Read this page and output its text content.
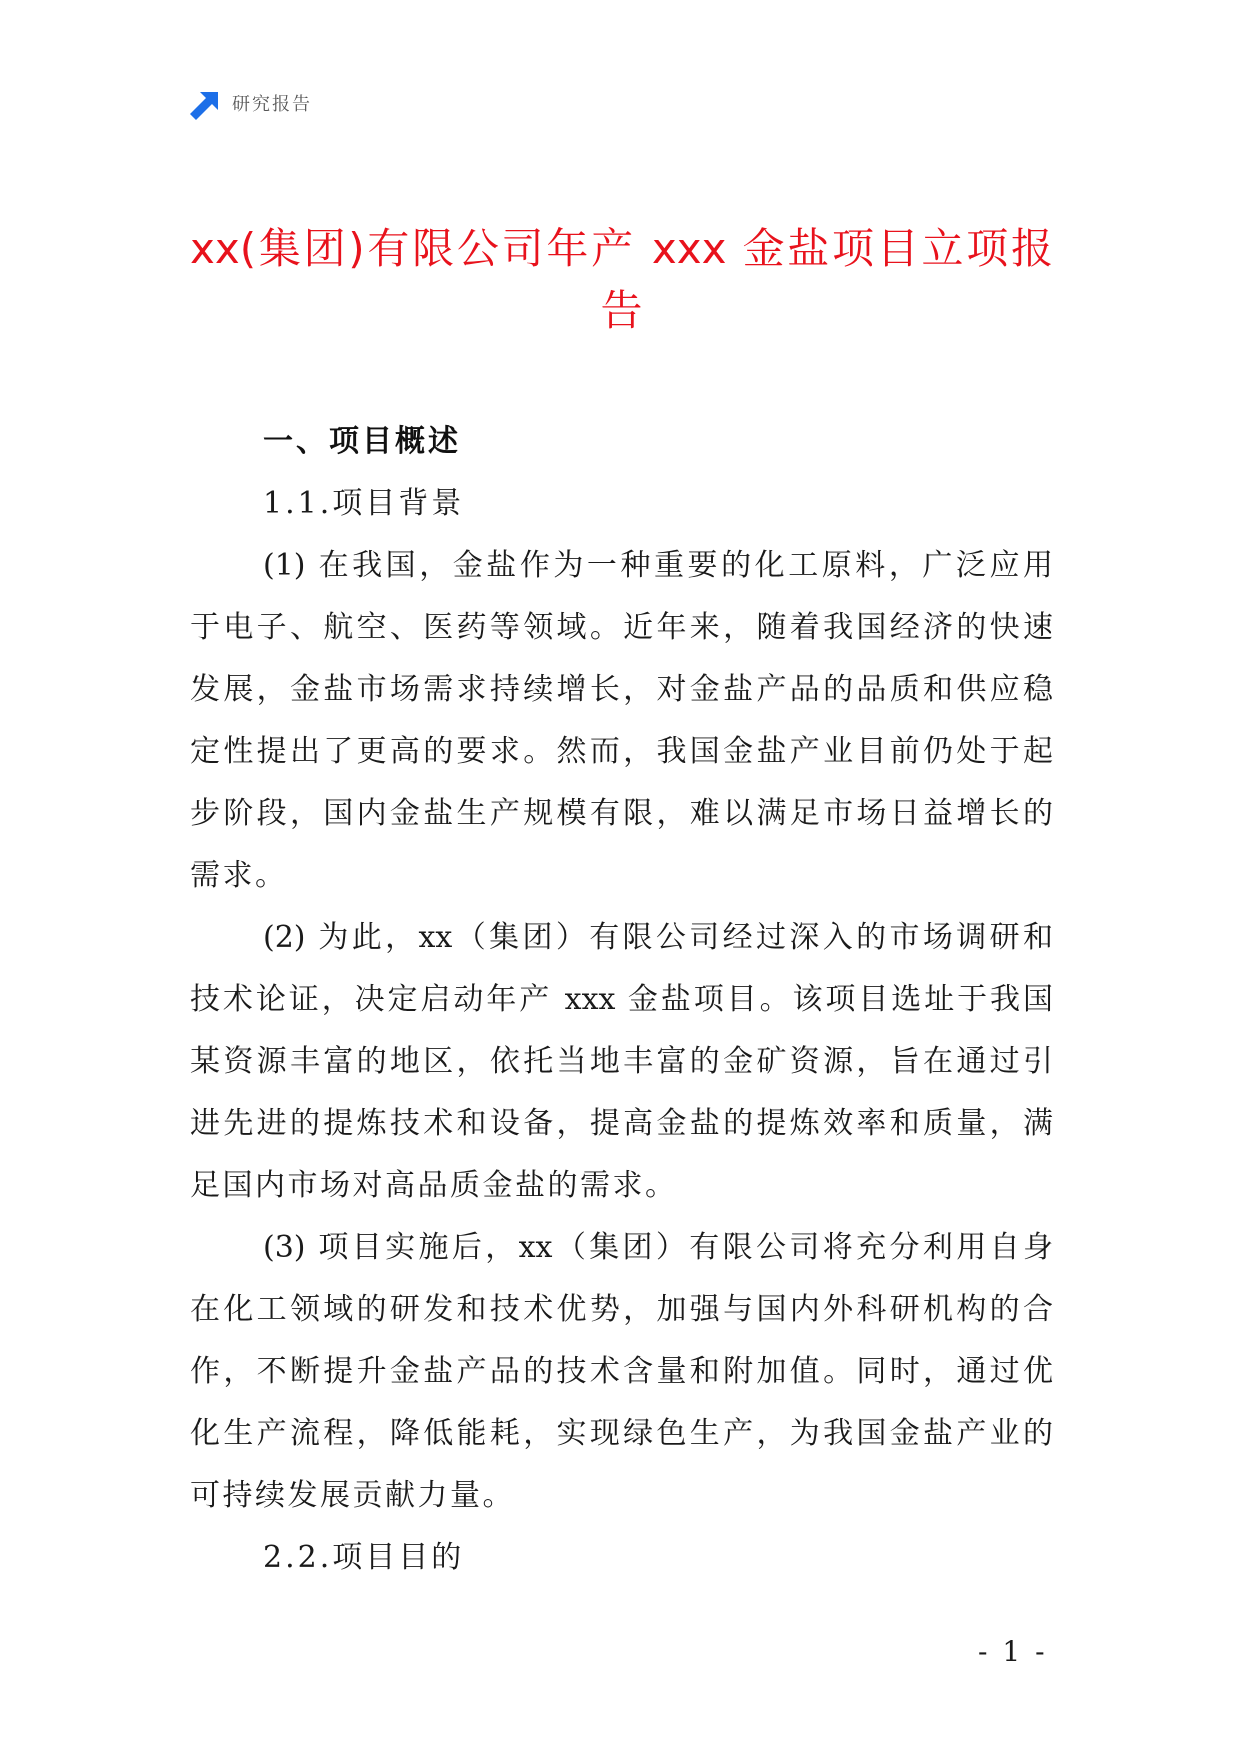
研究报告
xx(集团)有限公司年产 xxx 金盐项目立项报
告
一、项目概述
1.1.项目背景
(1) 在我国，金盐作为一种重要的化工原料，广泛应用
于电子、航空、医药等领域。近年来，随着我国经济的快速
发展，金盐市场需求持续增长，对金盐产品的品质和供应稳
定性提出了更高的要求。然而，我国金盐产业目前仍处于起
步阶段，国内金盐生产规模有限，难以满足市场日益增长的
需求。
(2) 为此，xx（集团）有限公司经过深入的市场调研和
技术论证，决定启动年产 xxx 金盐项目。该项目选址于我国
某资源丰富的地区，依托当地丰富的金矿资源，旨在通过引
进先进的提炼技术和设备，提高金盐的提炼效率和质量，满
足国内市场对高品质金盐的需求。
(3) 项目实施后，xx（集团）有限公司将充分利用自身
在化工领域的研发和技术优势，加强与国内外科研机构的合
作，不断提升金盐产品的技术含量和附加值。同时，通过优
化生产流程，降低能耗，实现绿色生产，为我国金盐产业的
可持续发展贡献力量。
2.2.项目目的
- 1 -
